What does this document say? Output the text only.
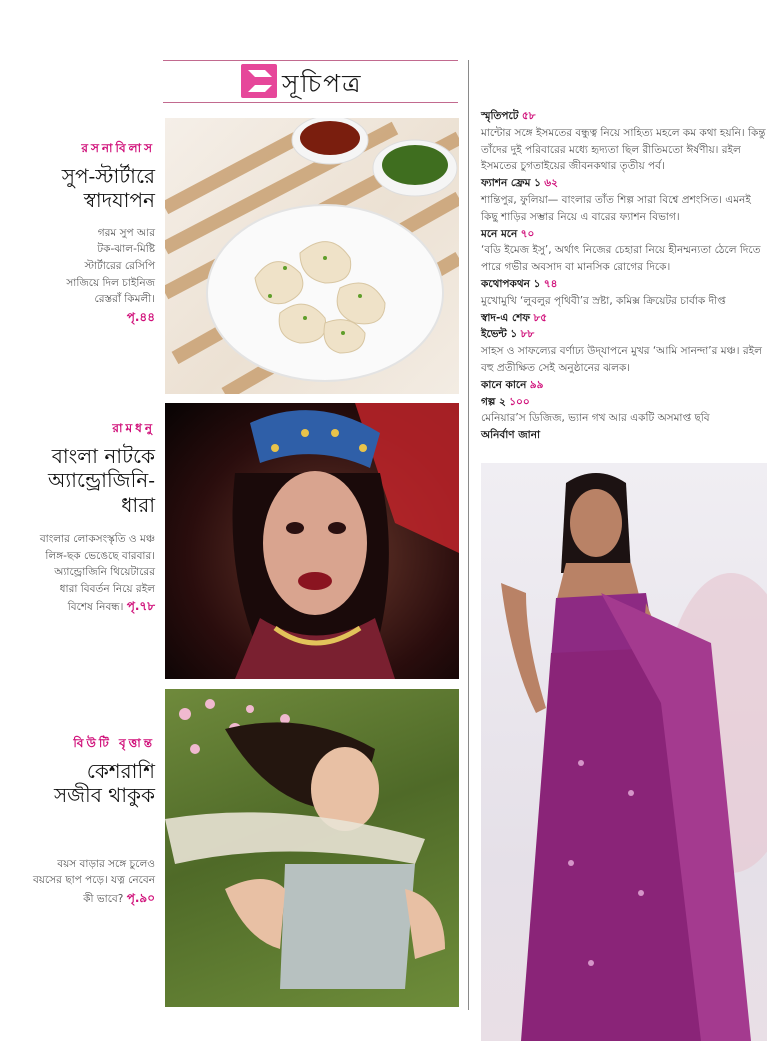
সূচিপত্র
রসনাবিলাস
সুপ-স্টার্টারে
স্বাদযাপন
গরম সুপ আর
টক-ঝাল-মিষ্টি
স্টার্টারের রেসিপি
সাজিয়ে দিল চাইনিজ
রেস্তরাঁ কিমলী।
পৃ.৪৪
রামধনু
বাংলা নাটকে
অ্যান্ড্রোজিনি-
ধারা
বাংলার লোকসংস্কৃতি ও মঞ্চ
লিঙ্গ-ছক ভেঙেছে বারবার।
অ্যান্ড্রোজিনি থিয়েটারের
ধারা বিবর্তন নিয়ে রইল
বিশেষ নিবন্ধ। পৃ.৭৮
বিউটি বৃত্তান্ত
কেশরাশি
সজীব থাকুক
বয়স বাড়ার সঙ্গে চুলেও
বয়সের ছাপ পড়ে। যত্ন নেবেন
কী ভাবে? পৃ.৯০
স্মৃতিপটে ৫৮
মান্টোর সঙ্গে ইসমতের বন্ধুত্ব নিয়ে সাহিত্য মহলে কম কথা হয়নি। কিন্তু তাঁদের দুই পরিবারের মধ্যে হৃদ্যতা ছিল রীতিমতো ঈর্ষণীয়। রইল ইসমতের চুগতাইয়ের জীবনকথার তৃতীয় পর্ব।
ফ্যাশন ফ্রেম ১ ৬২
শান্তিপুর, ফুলিয়া— বাংলার তাঁত শিল্প সারা বিশ্বে প্রশংসিত। এমনই কিছু শাড়ির সম্ভার নিয়ে এ বারের ফ্যাশন বিভাগ।
মনে মনে ৭০
‘বডি ইমেজ ইসু’, অর্থাৎ নিজের চেহারা নিয়ে হীনম্মন্যতা ঠেলে দিতে পারে গভীর অবসাদ বা মানসিক রোগের দিকে।
কথোপকথন ১ ৭৪
মুখোমুখি ‘লুবলুর পৃথিবী’র স্রষ্টা, কমিক্স ক্রিয়েটর চার্বাক দীপ্ত
স্বাদ-এ শেফ ৮৫
ইভেন্ট ১ ৮৮
সাহস ও সাফল্যের বর্ণাঢ্য উদ্‌যাপনে মুখর ‘আমি সানন্দা’র মঞ্চ। রইল বহু প্রতীক্ষিত সেই অনুষ্ঠানের ঝলক।
কানে কানে ৯৯
গল্প ২ ১০০
মেনিয়ার’স ডিজিজ, ভ্যান গখ আর একটি অসমাপ্ত ছবি
অনির্বাণ জানা
